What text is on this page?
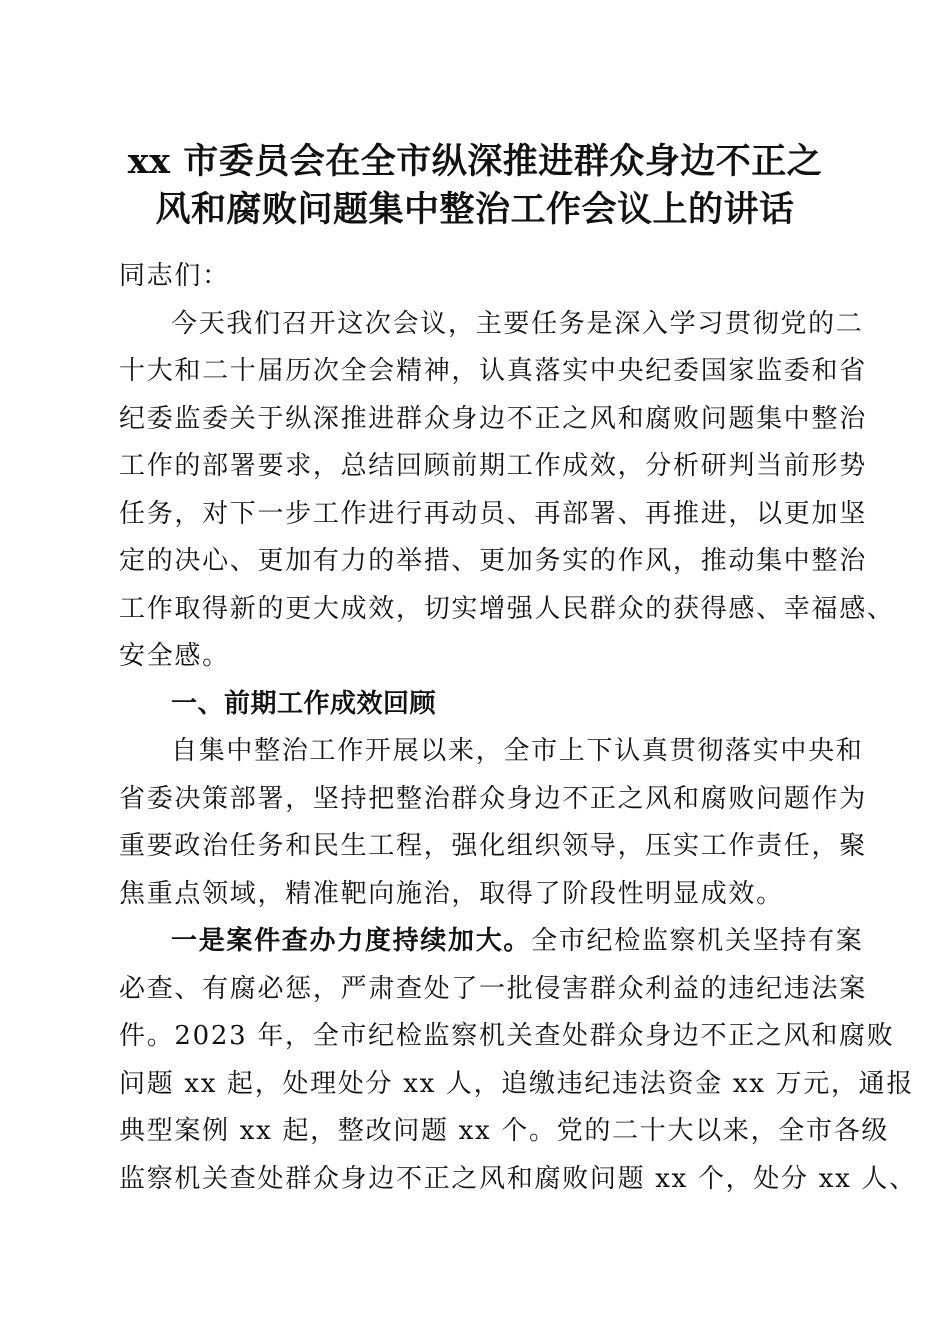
xx 市委员会在全市纵深推进群众身边不正之
风和腐败问题集中整治工作会议上的讲话
同志们：
今天我们召开这次会议，主要任务是深入学习贯彻党的二
十大和二十届历次全会精神，认真落实中央纪委国家监委和省
纪委监委关于纵深推进群众身边不正之风和腐败问题集中整治
工作的部署要求，总结回顾前期工作成效，分析研判当前形势
任务，对下一步工作进行再动员、再部署、再推进，以更加坚
定的决心、更加有力的举措、更加务实的作风，推动集中整治
工作取得新的更大成效，切实增强人民群众的获得感、幸福感、
安全感。
一、前期工作成效回顾
自集中整治工作开展以来，全市上下认真贯彻落实中央和
省委决策部署，坚持把整治群众身边不正之风和腐败问题作为
重要政治任务和民生工程，强化组织领导，压实工作责任，聚
焦重点领域，精准靶向施治，取得了阶段性明显成效。
一是案件查办力度持续加大。全市纪检监察机关坚持有案
必查、有腐必惩，严肃查处了一批侵害群众利益的违纪违法案
件。2023 年，全市纪检监察机关查处群众身边不正之风和腐败
问题 xx 起，处理处分 xx 人，追缴违纪违法资金 xx 万元，通报
典型案例 xx 起，整改问题 xx 个。党的二十大以来，全市各级
监察机关查处群众身边不正之风和腐败问题 xx 个，处分 xx 人、
